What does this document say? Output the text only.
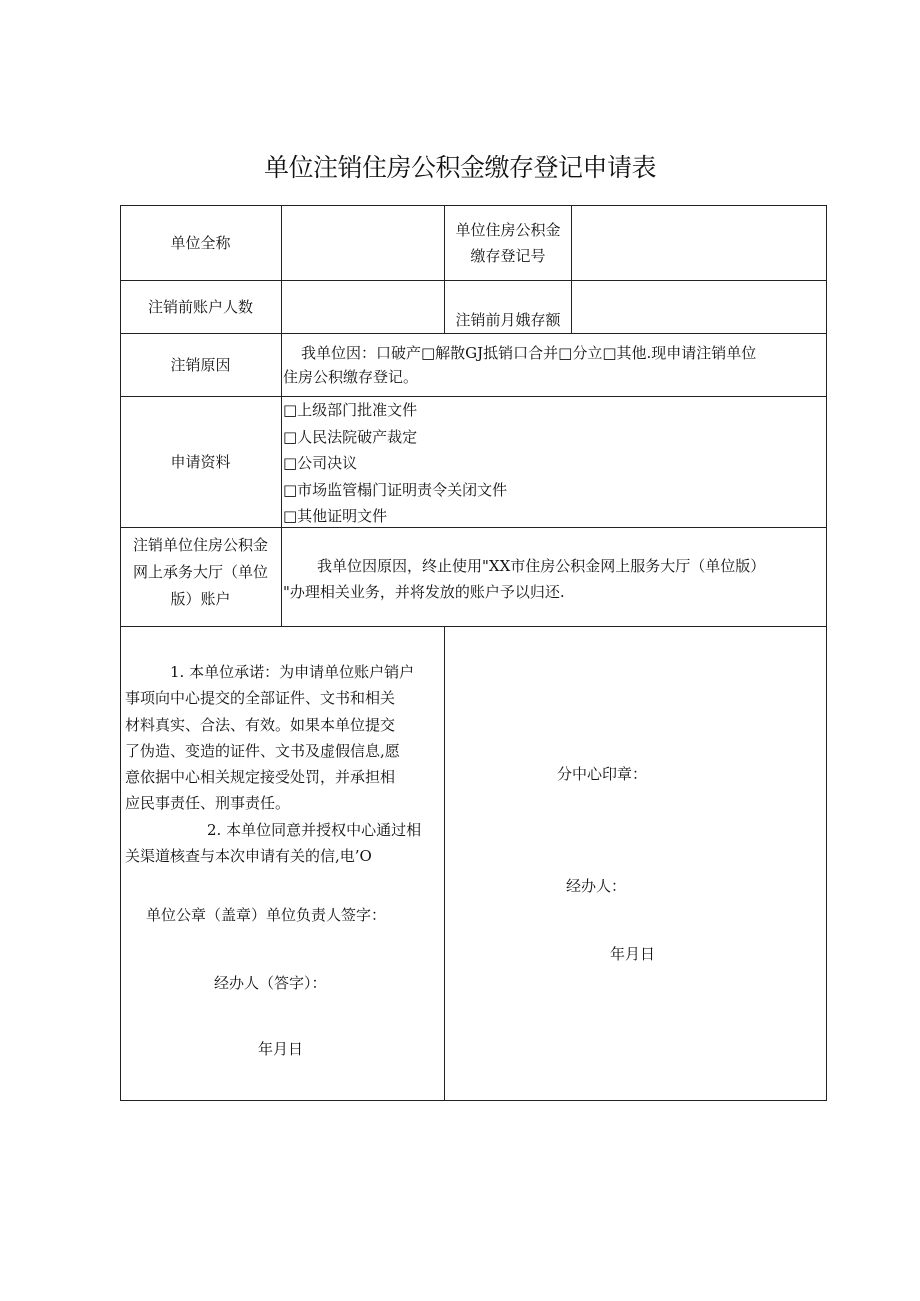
单位注销住房公积金缴存登记申请表
单位全称
单位住房公积金
缴存登记号
注销前账户人数
注销前月娥存额
注销原因
我单位因：口破产□解散GJ抵销口合并□分立□其他.现申请注销单位
住房公积缴存登记。
申请资料
□上级部门批准文件
□人民法院破产裁定
□公司决议
□市场监管榻门证明责令关闭文件
□其他证明文件
注销单位住房公积金
网上承务大厅（单位
版）账户
我单位因原因，终止使用"XX市住房公积金网上服务大厅（单位版）
"办理相关业务，并将发放的账户予以归还.
1. 本单位承诺：为申请单位账户销户
事项向中心提交的全部证件、文书和相关
材料真实、合法、有效。如果本单位提交
了伪造、变造的证件、文书及虚假信息,愿
意依据中心相关规定接受处罚，并承担相
应民事责任、刑事责任。
2. 本单位同意并授权中心通过相
关渠道核查与本次申请有关的信,电’O
单位公章（盖章）单位负责人签字：
经办人（答字）：
年月日
分中心印章：
经办人：
年月日
